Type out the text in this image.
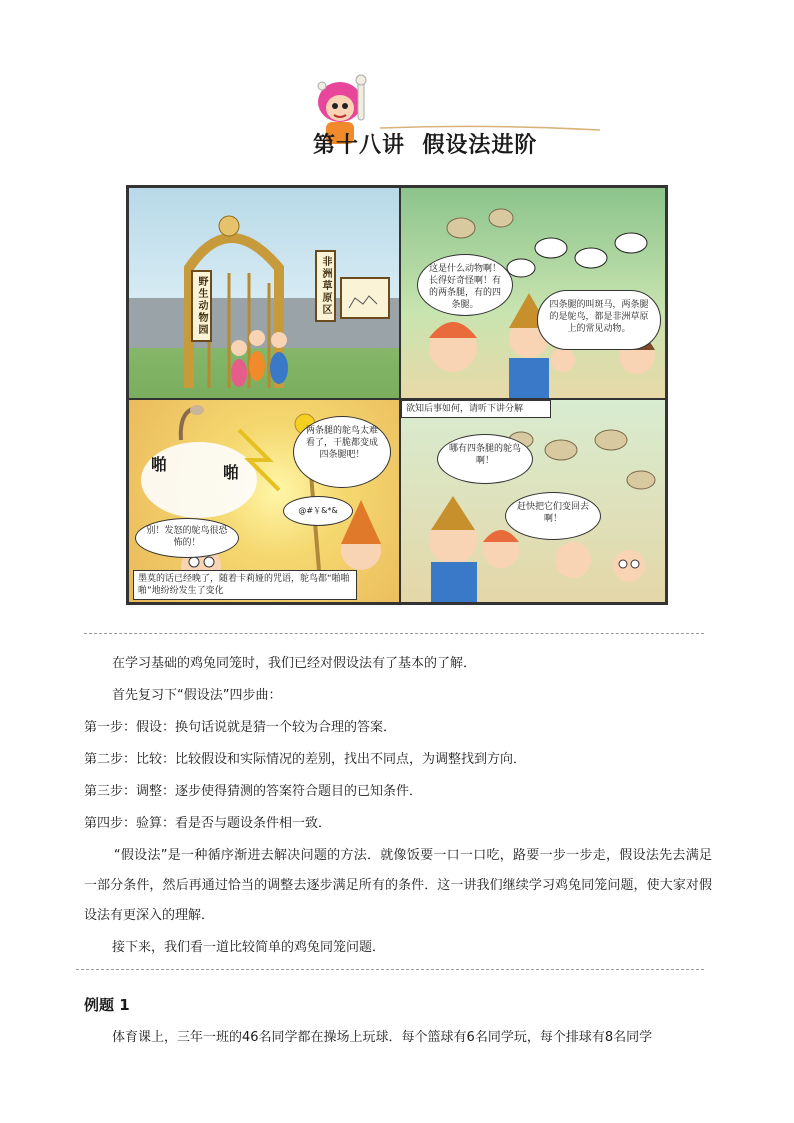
第十八讲  假设法进阶
野生动物园	非洲草原区	这是什么动物啊！长得好奇怪啊！有的两条腿，有的四条腿。	四条腿的叫斑马，两条腿的是鸵鸟，都是非洲草原上的常见动物。
两条腿的鸵鸟太难看了，干脆都变成四条腿吧！
啪	啪
@#￥&*&
别！发怒的鸵鸟很恐怖的！
墨莫的话已经晚了，随着卡莉娅的咒语，鸵鸟都“啪啪啪”地纷纷发生了变化
欲知后事如何，请听下讲分解
哪有四条腿的鸵鸟啊！
赶快把它们变回去啊！
在学习基础的鸡兔同笼时，我们已经对假设法有了基本的了解．
首先复习下“假设法”四步曲：
第一步：假设：换句话说就是猜一个较为合理的答案．
第二步：比较：比较假设和实际情况的差别，找出不同点，为调整找到方向．
第三步：调整：逐步使得猜测的答案符合题目的已知条件．
第四步：验算：看是否与题设条件相一致．
“假设法”是一种循序渐进去解决问题的方法．就像饭要一口一口吃，路要一步一步走，假设法先去满足一部分条件，然后再通过恰当的调整去逐步满足所有的条件．这一讲我们继续学习鸡兔同笼问题，使大家对假设法有更深入的理解．
接下来，我们看一道比较简单的鸡兔同笼问题．
例题 1
体育课上，三年一班的46名同学都在操场上玩球．每个篮球有6名同学玩，每个排球有8名同学
